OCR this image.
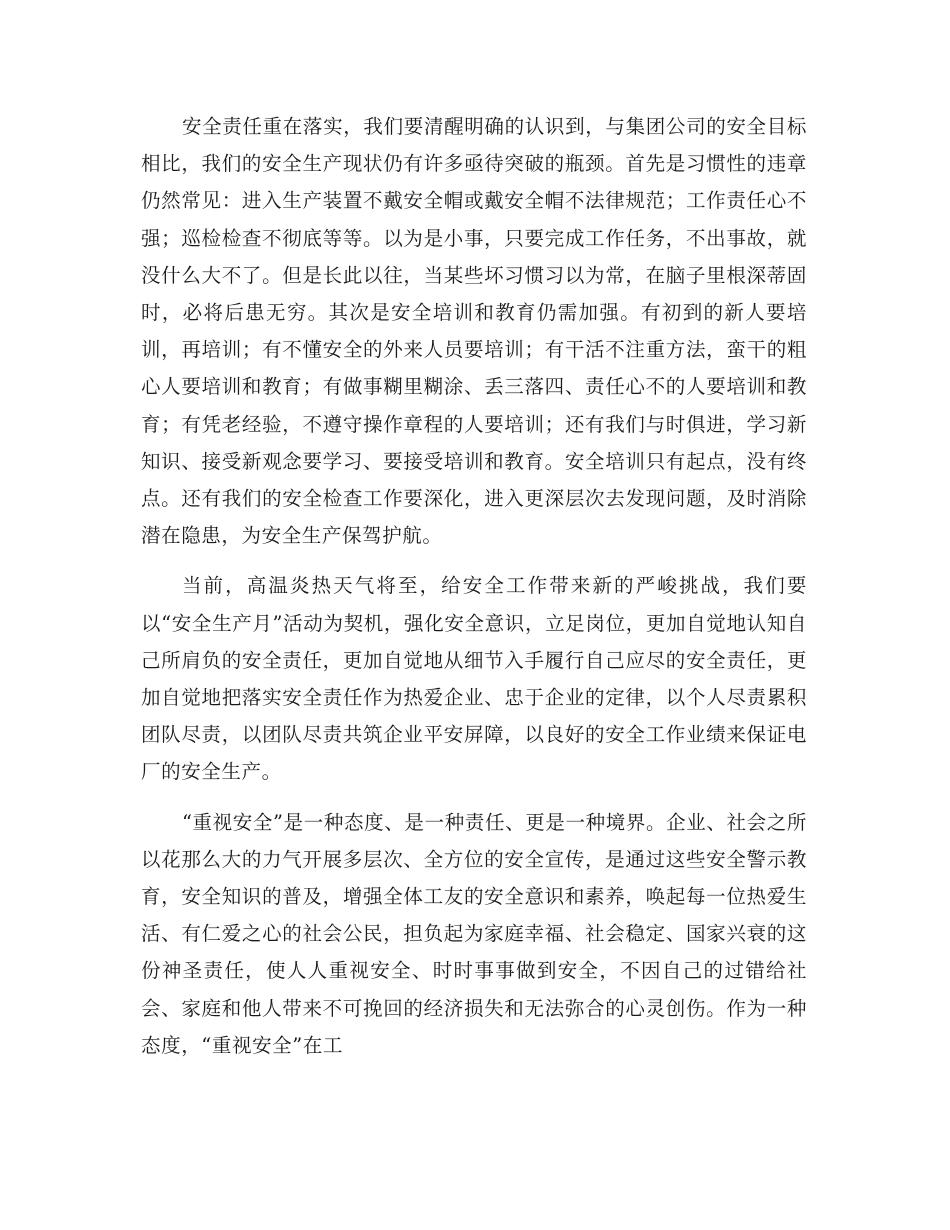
安全责任重在落实，我们要清醒明确的认识到，与集团公司的安全目标相比，我们的安全生产现状仍有许多亟待突破的瓶颈。首先是习惯性的违章仍然常见：进入生产装置不戴安全帽或戴安全帽不法律规范；工作责任心不强；巡检检查不彻底等等。以为是小事，只要完成工作任务，不出事故，就没什么大不了。但是长此以往，当某些坏习惯习以为常，在脑子里根深蒂固时，必将后患无穷。其次是安全培训和教育仍需加强。有初到的新人要培训，再培训；有不懂安全的外来人员要培训；有干活不注重方法，蛮干的粗心人要培训和教育；有做事糊里糊涂、丢三落四、责任心不的人要培训和教育；有凭老经验，不遵守操作章程的人要培训；还有我们与时俱进，学习新知识、接受新观念要学习、要接受培训和教育。安全培训只有起点，没有终点。还有我们的安全检查工作要深化，进入更深层次去发现问题，及时消除潜在隐患，为安全生产保驾护航。

当前，高温炎热天气将至，给安全工作带来新的严峻挑战，我们要以“安全生产月”活动为契机，强化安全意识，立足岗位，更加自觉地认知自己所肩负的安全责任，更加自觉地从细节入手履行自己应尽的安全责任，更加自觉地把落实安全责任作为热爱企业、忠于企业的定律，以个人尽责累积团队尽责，以团队尽责共筑企业平安屏障，以良好的安全工作业绩来保证电厂的安全生产。

“重视安全”是一种态度、是一种责任、更是一种境界。企业、社会之所以花那么大的力气开展多层次、全方位的安全宣传，是通过这些安全警示教育，安全知识的普及，增强全体工友的安全意识和素养，唤起每一位热爱生活、有仁爱之心的社会公民，担负起为家庭幸福、社会稳定、国家兴衰的这份神圣责任，使人人重视安全、时时事事做到安全，不因自己的过错给社会、家庭和他人带来不可挽回的经济损失和无法弥合的心灵创伤。作为一种态度，“重视安全”在工
